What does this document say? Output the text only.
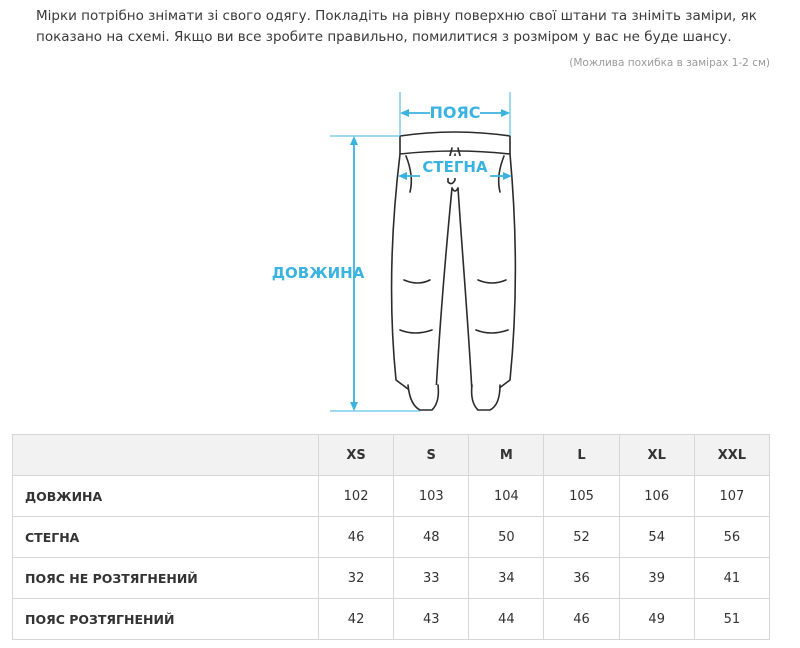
Мірки потрібно знімати зі свого одягу. Покладіть на рівну поверхню свої штани та зніміть заміри, як

показано на схемі. Якщо ви все зробите правильно, помилитися з розміром у вас не буде шансу.

(Можлива похибка в замірах 1-2 см)
ПОЯС
СТЕГНА
ДОВЖИНА
	XS	S	M	L	XL	XXL
ДОВЖИНА	102	103	104	105	106	107
СТЕГНА	46	48	50	52	54	56
ПОЯС НЕ РОЗТЯГНЕНИЙ	32	33	34	36	39	41
ПОЯС РОЗТЯГНЕНИЙ	42	43	44	46	49	51
